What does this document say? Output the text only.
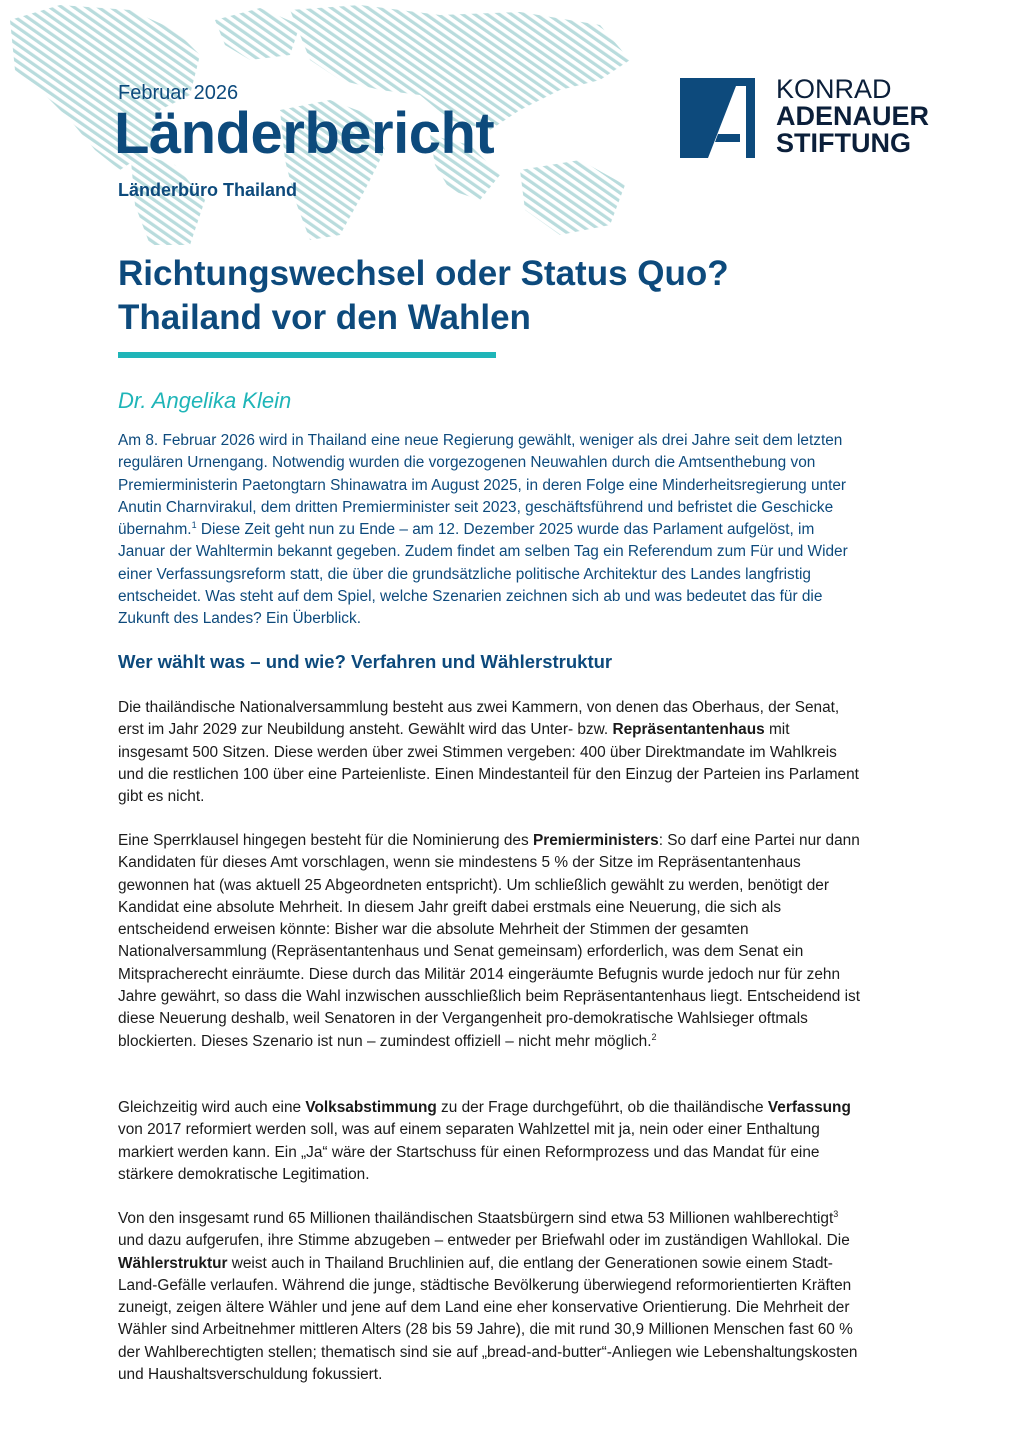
Februar 2026
Länderbericht
Länderbüro Thailand
KONRAD
ADENAUER
STIFTUNG
Richtungswechsel oder Status Quo?
Thailand vor den Wahlen
Dr. Angelika Klein

Am 8. Februar 2026 wird in Thailand eine neue Regierung gewählt, weniger als drei Jahre seit dem letzten regulären Urnengang. Notwendig wurden die vorgezogenen Neuwahlen durch die Amtsenthebung von Premierministerin Paetongtarn Shinawatra im August 2025, in deren Folge eine Minderheitsregierung unter Anutin Charnvirakul, dem dritten Premierminister seit 2023, geschäftsführend und befristet die Geschicke übernahm.$^1$ Diese Zeit geht nun zu Ende – am 12. Dezember 2025 wurde das Parlament aufgelöst, im Januar der Wahltermin bekannt gegeben. Zudem findet am selben Tag ein Referendum zum Für und Wider einer Verfassungsreform statt, die über die grundsätzliche politische Architektur des Landes langfristig entscheidet. Was steht auf dem Spiel, welche Szenarien zeichnen sich ab und was bedeutet das für die Zukunft des Landes? Ein Überblick.

Wer wählt was – und wie? Verfahren und Wählerstruktur

Die thailändische Nationalversammlung besteht aus zwei Kammern, von denen das Oberhaus, der Senat, erst im Jahr 2029 zur Neubildung ansteht. Gewählt wird das Unter- bzw. Repräsentantenhaus mit insgesamt 500 Sitzen. Diese werden über zwei Stimmen vergeben: 400 über Direktmandate im Wahlkreis und die restlichen 100 über eine Parteienliste. Einen Mindestanteil für den Einzug der Parteien ins Parlament gibt es nicht.

Eine Sperrklausel hingegen besteht für die Nominierung des Premierministers: So darf eine Partei nur dann Kandidaten für dieses Amt vorschlagen, wenn sie mindestens 5 % der Sitze im Repräsentantenhaus gewonnen hat (was aktuell 25 Abgeordneten entspricht). Um schließlich gewählt zu werden, benötigt der Kandidat eine absolute Mehrheit. In diesem Jahr greift dabei erstmals eine Neuerung, die sich als entscheidend erweisen könnte: Bisher war die absolute Mehrheit der Stimmen der gesamten Nationalversammlung (Repräsentantenhaus und Senat gemeinsam) erforderlich, was dem Senat ein Mitspracherecht einräumte. Diese durch das Militär 2014 eingeräumte Befugnis wurde jedoch nur für zehn Jahre gewährt, so dass die Wahl inzwischen ausschließlich beim Repräsentantenhaus liegt. Entscheidend ist diese Neuerung deshalb, weil Senatoren in der Vergangenheit pro-demokratische Wahlsieger oftmals blockierten. Dieses Szenario ist nun – zumindest offiziell – nicht mehr möglich.$^2$

Gleichzeitig wird auch eine Volksabstimmung zu der Frage durchgeführt, ob die thailändische Verfassung von 2017 reformiert werden soll, was auf einem separaten Wahlzettel mit ja, nein oder einer Enthaltung markiert werden kann. Ein „Ja“ wäre der Startschuss für einen Reformprozess und das Mandat für eine stärkere demokratische Legitimation.

Von den insgesamt rund 65 Millionen thailändischen Staatsbürgern sind etwa 53 Millionen wahlberechtigt$^3$ und dazu aufgerufen, ihre Stimme abzugeben – entweder per Briefwahl oder im zuständigen Wahllokal. Die Wählerstruktur weist auch in Thailand Bruchlinien auf, die entlang der Generationen sowie einem Stadt-Land-Gefälle verlaufen. Während die junge, städtische Bevölkerung überwiegend reformorientierten Kräften zuneigt, zeigen ältere Wähler und jene auf dem Land eine eher konservative Orientierung. Die Mehrheit der Wähler sind Arbeitnehmer mittleren Alters (28 bis 59 Jahre), die mit rund 30,9 Millionen Menschen fast 60 % der Wahlberechtigten stellen; thematisch sind sie auf „bread-and-butter“-Anliegen wie Lebenshaltungskosten und Haushaltsverschuldung fokussiert.
